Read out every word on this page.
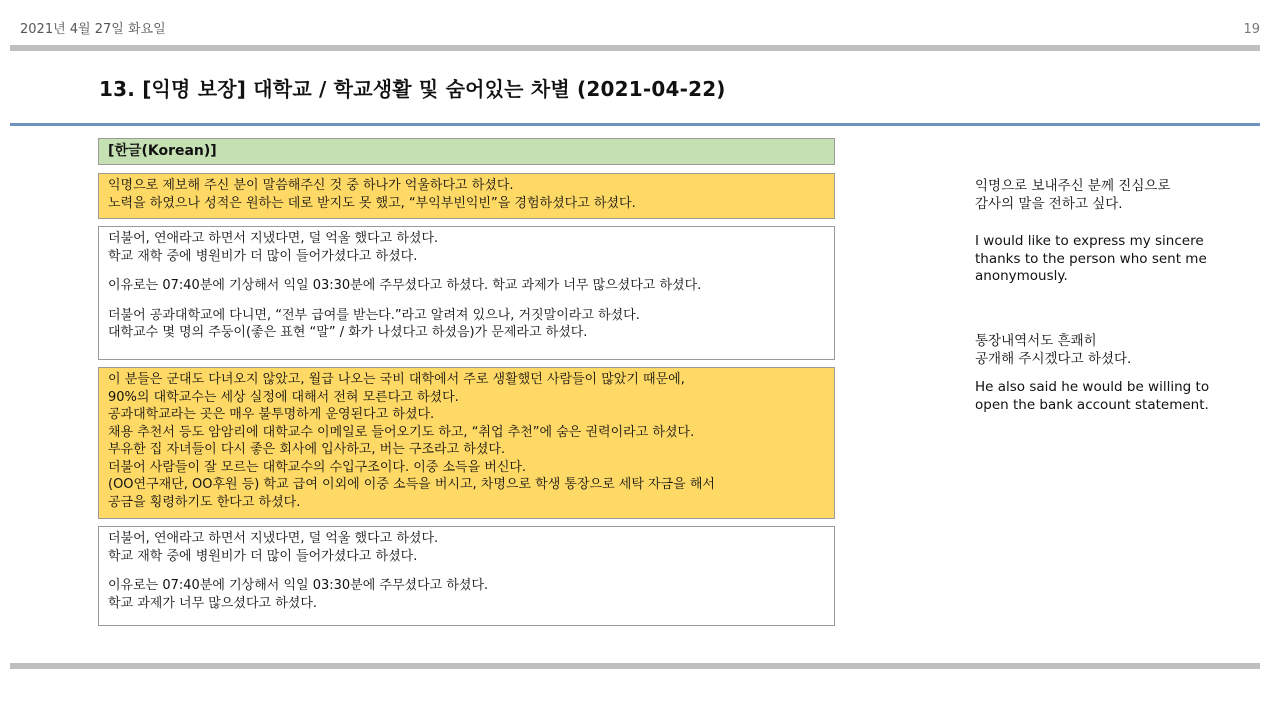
2021년 4월 27일 화요일	19
13. [익명 보장] 대학교 / 학교생활 및 숨어있는 차별 (2021-04-22)
[한글(Korean)]

익명으로 제보해 주신 분이 말씀해주신 것 중 하나가 억울하다고 하셨다.

노력을 하였으나 성적은 원하는 데로 받지도 못 했고, “부익부빈익빈”을 경험하셨다고 하셨다.

더불어, 연애라고 하면서 지냈다면, 덜 억울 했다고 하셨다.

학교 재학 중에 병원비가 더 많이 들어가셨다고 하셨다.

이유로는 07:40분에 기상해서 익일 03:30분에 주무셨다고 하셨다. 학교 과제가 너무 많으셨다고 하셨다.

더불어 공과대학교에 다니면, “전부 급여를 받는다.”라고 알려져 있으나, 거짓말이라고 하셨다.

대학교수 몇 명의 주둥이(좋은 표현 “말” / 화가 나셨다고 하셨음)가 문제라고 하셨다.

이 분들은 군대도 다녀오지 않았고, 월급 나오는 국비 대학에서 주로 생활했던 사람들이 많았기 때문에,

90%의 대학교수는 세상 실정에 대해서 전혀 모른다고 하셨다.

공과대학교라는 곳은 매우 불투명하게 운영된다고 하셨다.

채용 추천서 등도 암암리에 대학교수 이메일로 들어오기도 하고, “취업 추천”에 숨은 권력이라고 하셨다.

부유한 집 자녀들이 다시 좋은 회사에 입사하고, 버는 구조라고 하셨다.

더불어 사람들이 잘 모르는 대학교수의 수입구조이다. 이중 소득을 버신다.

(OO연구재단, OO후원 등) 학교 급여 이외에 이중 소득을 버시고, 차명으로 학생 통장으로 세탁 자금을 해서

공금을 횡령하기도 한다고 하셨다.

더불어, 연애라고 하면서 지냈다면, 덜 억울 했다고 하셨다.

학교 재학 중에 병원비가 더 많이 들어가셨다고 하셨다.

이유로는 07:40분에 기상해서 익일 03:30분에 주무셨다고 하셨다.

학교 과제가 너무 많으셨다고 하셨다.

익명으로 보내주신 분께 진심으로

감사의 말을 전하고 싶다.

I would like to express my sincere

thanks to the person who sent me

anonymously.

통장내역서도 흔쾌히

공개해 주시겠다고 하셨다.

He also said he would be willing to

open the bank account statement.
